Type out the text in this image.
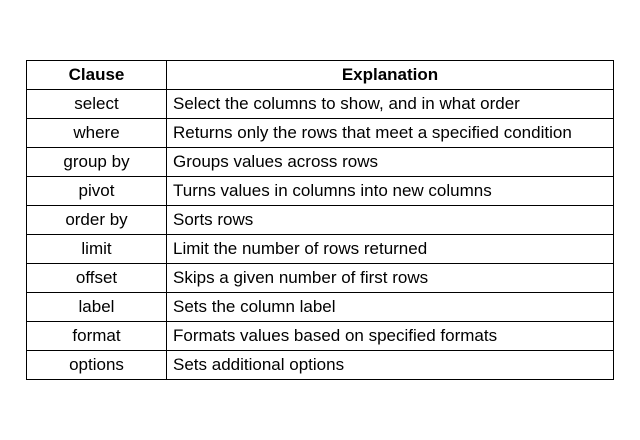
Clause	Explanation
select	Select the columns to show, and in what order
where	Returns only the rows that meet a specified condition
group by	Groups values across rows
pivot	Turns values in columns into new columns
order by	Sorts rows
limit	Limit the number of rows returned
offset	Skips a given number of first rows
label	Sets the column label
format	Formats values based on specified formats
options	Sets additional options
